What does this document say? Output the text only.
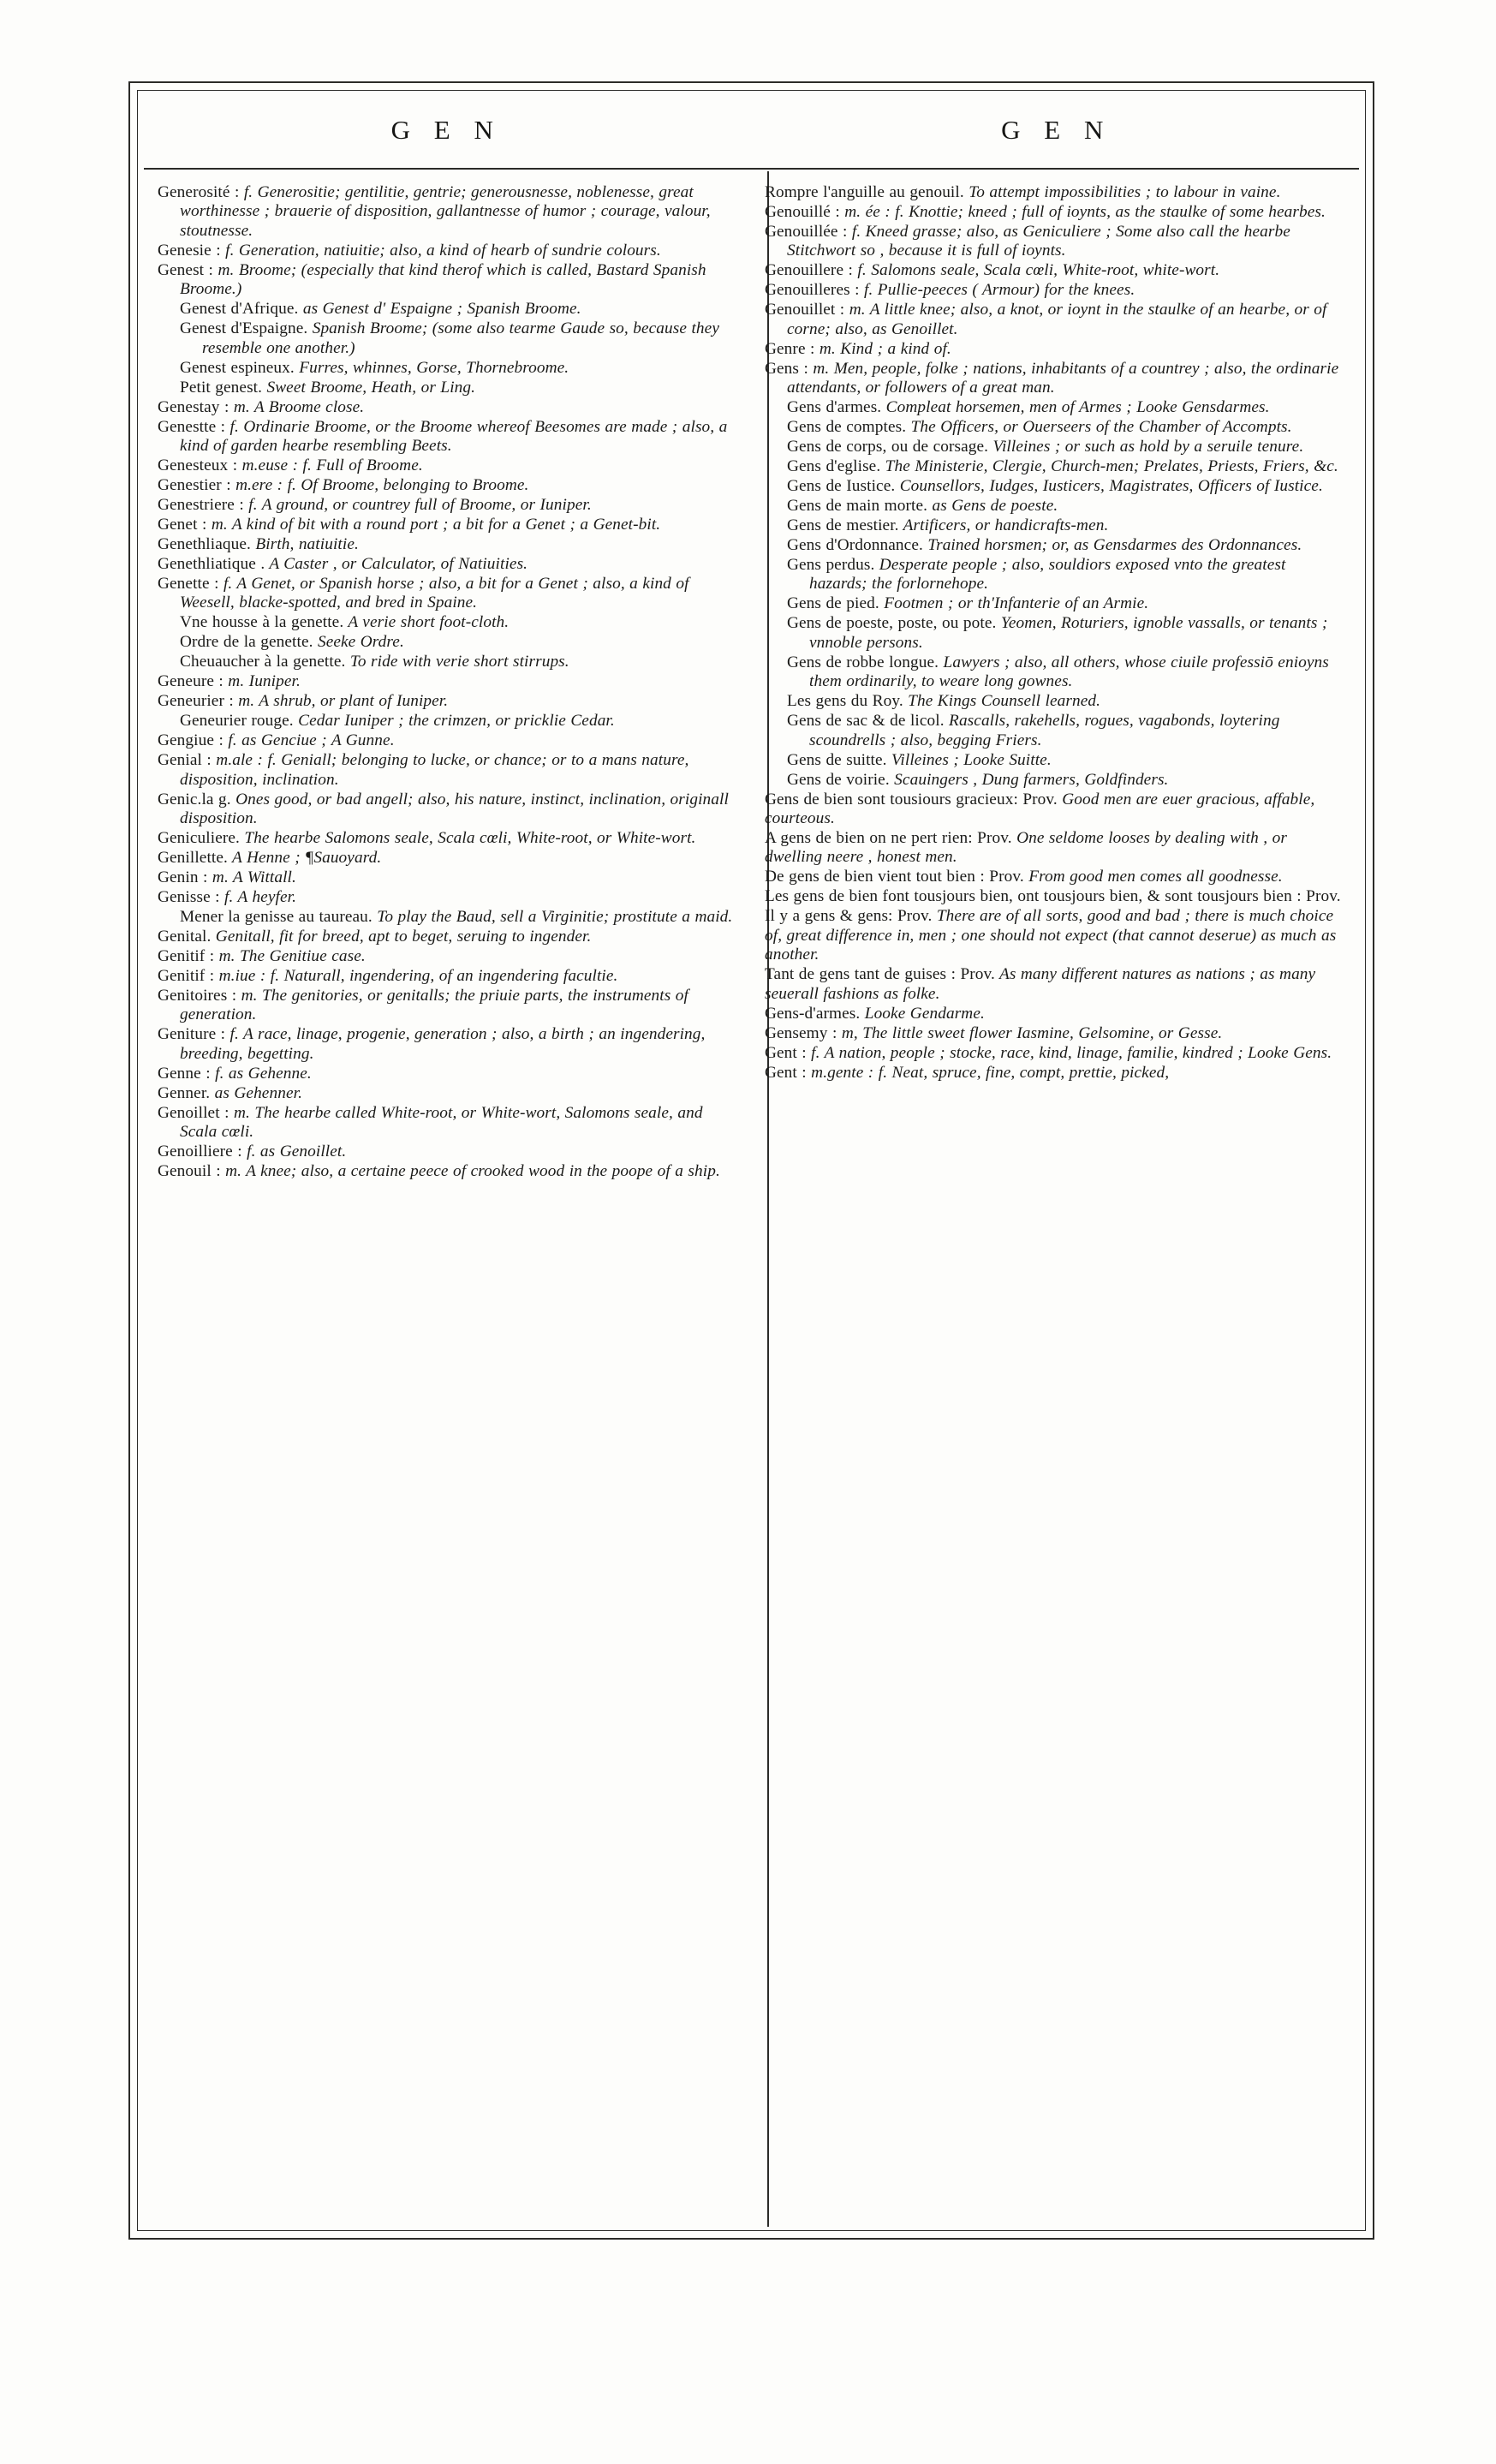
G E N	G E N

Generosité : f. Generositie; gentilitie, gentrie; generousnesse, noblenesse, great worthinesse ; brauerie of disposition, gallantnesse of humor ; courage, valour, stoutnesse.

Genesie : f. Generation, natiuitie; also, a kind of hearb of sundrie colours.

Genest : m. Broome; (especially that kind therof which is called, Bastard Spanish Broome.)

Genest d'Afrique. as Genest d' Espaigne ; Spanish Broome.

Genest d'Espaigne. Spanish Broome; (some also tearme Gaude so, because they resemble one another.)

Genest espineux. Furres, whinnes, Gorse, Thornebroome.

Petit genest. Sweet Broome, Heath, or Ling.

Genestay : m. A Broome close.

Genestte : f. Ordinarie Broome, or the Broome whereof Beesomes are made ; also, a kind of garden hearbe resembling Beets.

Genesteux : m.euse : f. Full of Broome.

Genestier : m.ere : f. Of Broome, belonging to Broome.

Genestriere : f. A ground, or countrey full of Broome, or Iuniper.

Genet : m. A kind of bit with a round port ; a bit for a Genet ; a Genet-bit.

Genethliaque. Birth, natiuitie.

Genethliatique . A Caster , or Calculator, of Natiuities.

Genette : f. A Genet, or Spanish horse ; also, a bit for a Genet ; also, a kind of Weesell, blacke-spotted, and bred in Spaine.

Vne housse à la genette. A verie short foot-cloth.

Ordre de la genette. Seeke Ordre.

Cheuaucher à la genette. To ride with verie short stirrups.

Geneure : m. Iuniper.

Geneurier : m. A shrub, or plant of Iuniper.

Geneurier rouge. Cedar Iuniper ; the crimzen, or pricklie Cedar.

Gengiue : f. as Genciue ; A Gunne.

Genial : m.ale : f. Geniall; belonging to lucke, or chance; or to a mans nature, disposition, inclination.

Genic.la g. Ones good, or bad angell; also, his nature, instinct, inclination, originall disposition.

Geniculiere. The hearbe Salomons seale, Scala cœli, White-root, or White-wort.

Genillette. A Henne ; ¶Sauoyard.

Genin : m. A Wittall.

Genisse : f. A heyfer.

Mener la genisse au taureau. To play the Baud, sell a Virginitie; prostitute a maid.

Genital. Genitall, fit for breed, apt to beget, seruing to ingender.

Genitif : m. The Genitiue case.

Genitif : m.iue : f. Naturall, ingendering, of an ingendering facultie.

Genitoires : m. The genitories, or genitalls; the priuie parts, the instruments of generation.

Geniture : f. A race, linage, progenie, generation ; also, a birth ; an ingendering, breeding, begetting.

Genne : f. as Gehenne.

Genner. as Gehenner.

Genoillet : m. The hearbe called White-root, or White-wort, Salomons seale, and Scala cœli.

Genoilliere : f. as Genoillet.

Genouil : m. A knee; also, a certaine peece of crooked wood in the poope of a ship.

Rompre l'anguille au genouil. To attempt impossibilities ; to labour in vaine.

Genouillé : m. ée : f. Knottie; kneed ; full of ioynts, as the staulke of some hearbes.

Genouillée : f. Kneed grasse; also, as Geniculiere ; Some also call the hearbe Stitchwort so , because it is full of ioynts.

Genouillere : f. Salomons seale, Scala cœli, White-root, white-wort.

Genouilleres : f. Pullie-peeces ( Armour) for the knees.

Genouillet : m. A little knee; also, a knot, or ioynt in the staulke of an hearbe, or of corne; also, as Genoillet.

Genre : m. Kind ; a kind of.

Gens : m. Men, people, folke ; nations, inhabitants of a countrey ; also, the ordinarie attendants, or followers of a great man.

Gens d'armes. Compleat horsemen, men of Armes ; Looke Gensdarmes.

Gens de comptes. The Officers, or Ouerseers of the Chamber of Accompts.

Gens de corps, ou de corsage. Villeines ; or such as hold by a seruile tenure.

Gens d'eglise. The Ministerie, Clergie, Church-men; Prelates, Priests, Friers, &c.

Gens de Iustice. Counsellors, Iudges, Iusticers, Magistrates, Officers of Iustice.

Gens de main morte. as Gens de poeste.

Gens de mestier. Artificers, or handicrafts-men.

Gens d'Ordonnance. Trained horsmen; or, as Gensdarmes des Ordonnances.

Gens perdus. Desperate people ; also, souldiors exposed vnto the greatest hazards; the forlornehope.

Gens de pied. Footmen ; or th'Infanterie of an Armie.

Gens de poeste, poste, ou pote. Yeomen, Roturiers, ignoble vassalls, or tenants ; vnnoble persons.

Gens de robbe longue. Lawyers ; also, all others, whose ciuile professiō enioyns them ordinarily, to weare long gownes.

Les gens du Roy. The Kings Counsell learned.

Gens de sac & de licol. Rascalls, rakehells, rogues, vagabonds, loytering scoundrells ; also, begging Friers.

Gens de suitte. Villeines ; Looke Suitte.

Gens de voirie. Scauingers , Dung farmers, Goldfinders.

Gens de bien sont tousiours gracieux: Prov. Good men are euer gracious, affable, courteous.

A gens de bien on ne pert rien: Prov. One seldome looses by dealing with , or dwelling neere , honest men.

De gens de bien vient tout bien : Prov. From good men comes all goodnesse.

Les gens de bien font tousjours bien, ont tousjours bien, & sont tousjours bien : Prov.

Il y a gens & gens: Prov. There are of all sorts, good and bad ; there is much choice of, great difference in, men ; one should not expect (that cannot deserue) as much as another.

Tant de gens tant de guises : Prov. As many different natures as nations ; as many seuerall fashions as folke.

Gens-d'armes. Looke Gendarme.

Gensemy : m, The little sweet flower Iasmine, Gelsomine, or Gesse.

Gent : f. A nation, people ; stocke, race, kind, linage, familie, kindred ; Looke Gens.

Gent : m.gente : f. Neat, spruce, fine, compt, prettie, picked,
